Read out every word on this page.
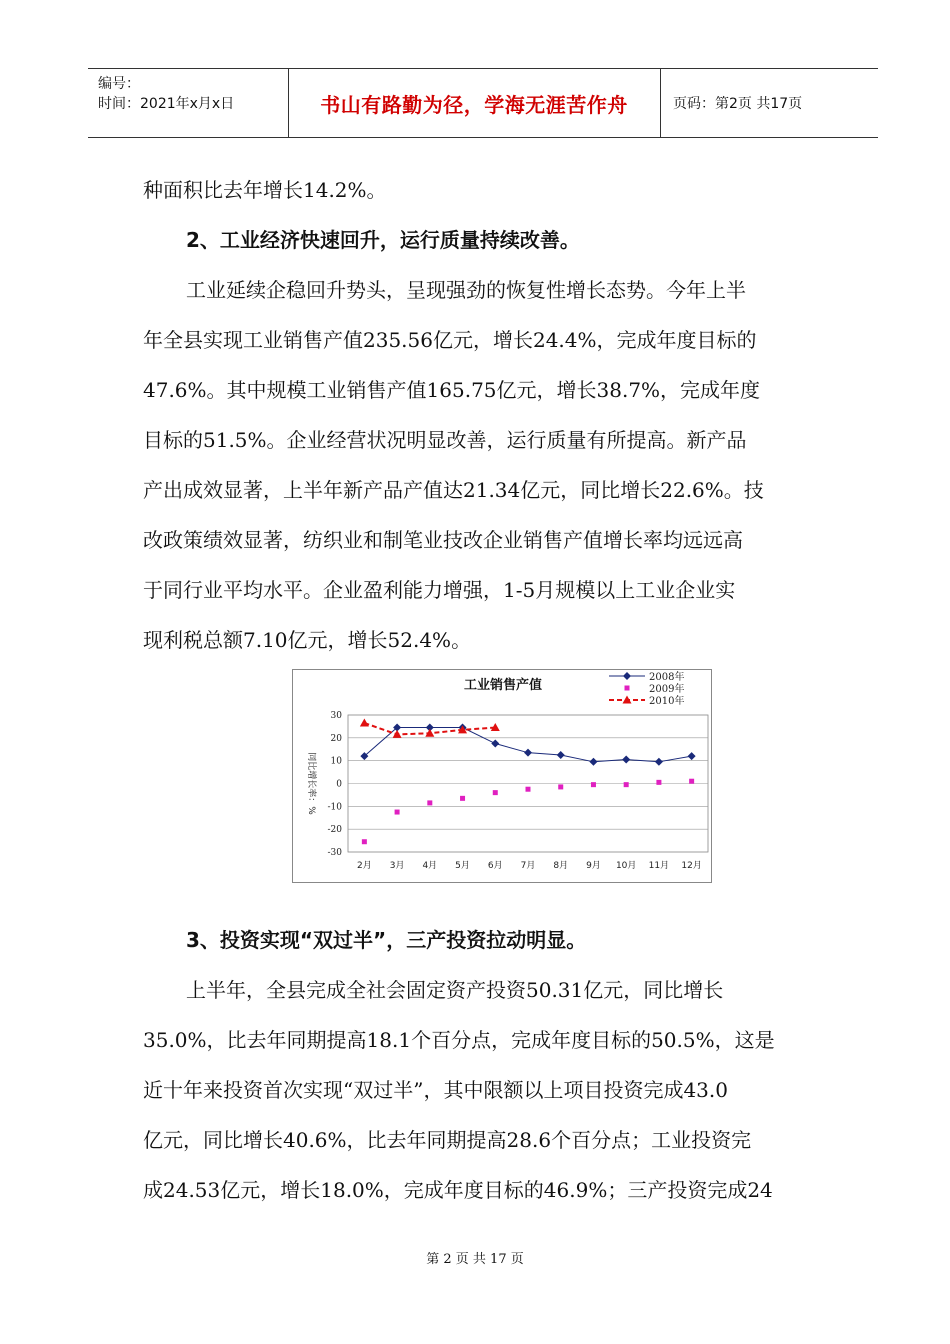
编号：
时间：2021年x月x日	书山有路勤为径，学海无涯苦作舟	页码：第2页 共17页

种面积比去年增长14.2%。

2、工业经济快速回升，运行质量持续改善。

工业延续企稳回升势头，呈现强劲的恢复性增长态势。今年上半

年全县实现工业销售产值235.56亿元，增长24.4%，完成年度目标的

47.6%。其中规模工业销售产值165.75亿元，增长38.7%，完成年度

目标的51.5%。企业经营状况明显改善，运行质量有所提高。新产品

产出成效显著，上半年新产品产值达21.34亿元，同比增长22.6%。技

改政策绩效显著，纺织业和制笔业技改企业销售产值增长率均远远高

于同行业平均水平。企业盈利能力增强，1-5月规模以上工业企业实

现利税总额7.10亿元，增长52.4%。

工业销售产值
30
20
10
0
-10
-20
-30
同比增长率：%
2月 3月 4月 5月 6月 7月 8月 9月 10月 11月 12月
2008年
2009年
2010年

3、投资实现“双过半”，三产投资拉动明显。

上半年，全县完成全社会固定资产投资50.31亿元，同比增长

35.0%，比去年同期提高18.1个百分点，完成年度目标的50.5%，这是

近十年来投资首次实现“双过半”，其中限额以上项目投资完成43.0

亿元，同比增长40.6%，比去年同期提高28.6个百分点；工业投资完

成24.53亿元，增长18.0%，完成年度目标的46.9%；三产投资完成24

第 2 页 共 17 页
